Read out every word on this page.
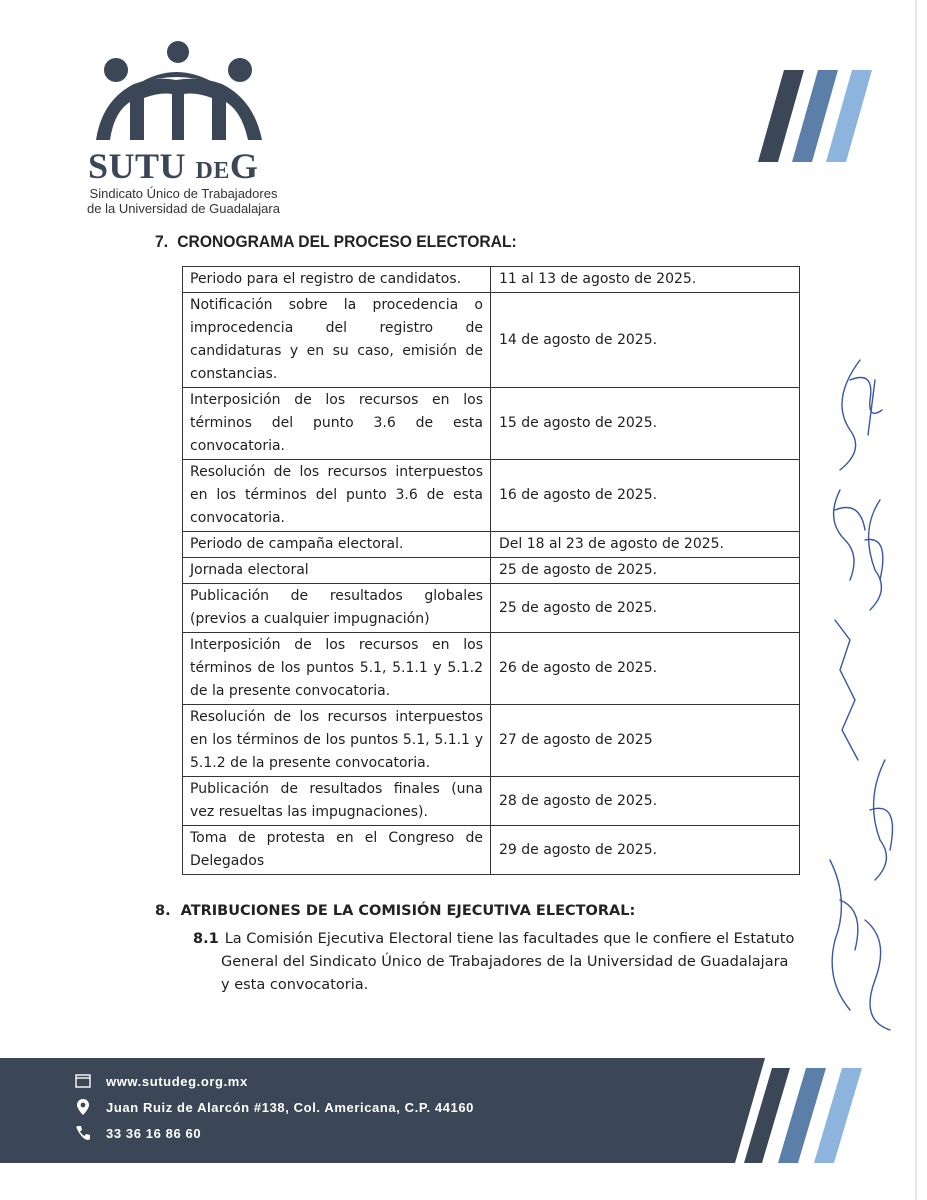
SUTU DEG
Sindicato Único de Trabajadores
de la Universidad de Guadalajara
7. CRONOGRAMA DEL PROCESO ELECTORAL:
Periodo para el registro de candidatos.	11 al 13 de agosto de 2025.
Notificación sobre la procedencia o improcedencia del registro de candidaturas y en su caso, emisión de constancias.	14 de agosto de 2025.
Interposición de los recursos en los términos del punto 3.6 de esta convocatoria.	15 de agosto de 2025.
Resolución de los recursos interpuestos en los términos del punto 3.6 de esta convocatoria.	16 de agosto de 2025.
Periodo de campaña electoral.	Del 18 al 23 de agosto de 2025.
Jornada electoral	25 de agosto de 2025.
Publicación de resultados globales (previos a cualquier impugnación)	25 de agosto de 2025.
Interposición de los recursos en los términos de los puntos 5.1, 5.1.1 y 5.1.2 de la presente convocatoria.	26 de agosto de 2025.
Resolución de los recursos interpuestos en los términos de los puntos 5.1, 5.1.1 y 5.1.2 de la presente convocatoria.	27 de agosto de 2025
Publicación de resultados finales (una vez resueltas las impugnaciones).	28 de agosto de 2025.
Toma de protesta en el Congreso de Delegados	29 de agosto de 2025.
8. ATRIBUCIONES DE LA COMISIÓN EJECUTIVA ELECTORAL:
8.1 La Comisión Ejecutiva Electoral tiene las facultades que le confiere el Estatuto
General del Sindicato Único de Trabajadores de la Universidad de Guadalajara
y esta convocatoria.
www.sutudeg.org.mx
Juan Ruiz de Alarcón #138, Col. Americana, C.P. 44160
33 36 16 86 60
